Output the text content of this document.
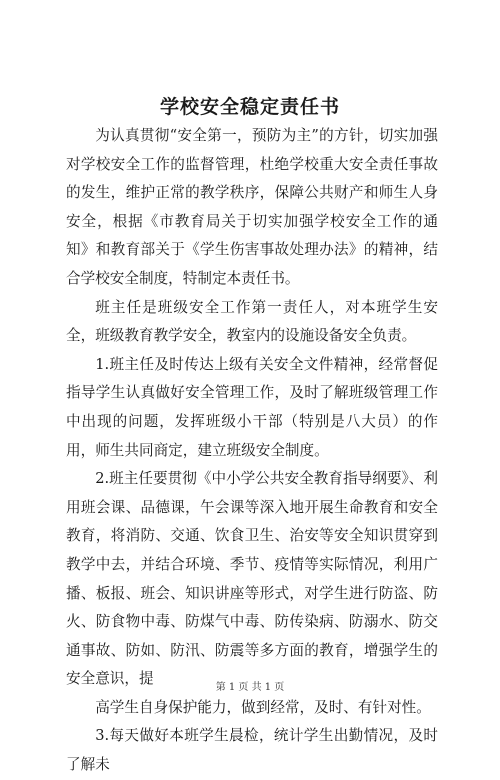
学校安全稳定责任书

为认真贯彻“安全第一，预防为主”的方针，切实加强对学校安全工作的监督管理，杜绝学校重大安全责任事故的发生，维护正常的教学秩序，保障公共财产和师生人身安全，根据《市教育局关于切实加强学校安全工作的通知》和教育部关于《学生伤害事故处理办法》的精神，结合学校安全制度，特制定本责任书。

班主任是班级安全工作第一责任人，对本班学生安全，班级教育教学安全，教室内的设施设备安全负责。

1.班主任及时传达上级有关安全文件精神，经常督促指导学生认真做好安全管理工作，及时了解班级管理工作中出现的问题，发挥班级小干部（特别是八大员）的作用，师生共同商定，建立班级安全制度。

2.班主任要贯彻《中小学公共安全教育指导纲要》、利用班会课、品德课，午会课等深入地开展生命教育和安全教育，将消防、交通、饮食卫生、治安等安全知识贯穿到教学中去，并结合环境、季节、疫情等实际情况，利用广播、板报、班会、知识讲座等形式，对学生进行防盗、防火、防食物中毒、防煤气中毒、防传染病、防溺水、防交通事故、防如、防汛、防震等多方面的教育，增强学生的安全意识，提

高学生自身保护能力，做到经常，及时、有针对性。

3.每天做好本班学生晨检，统计学生出勤情况，及时了解未

第 1 页 共 1 页
